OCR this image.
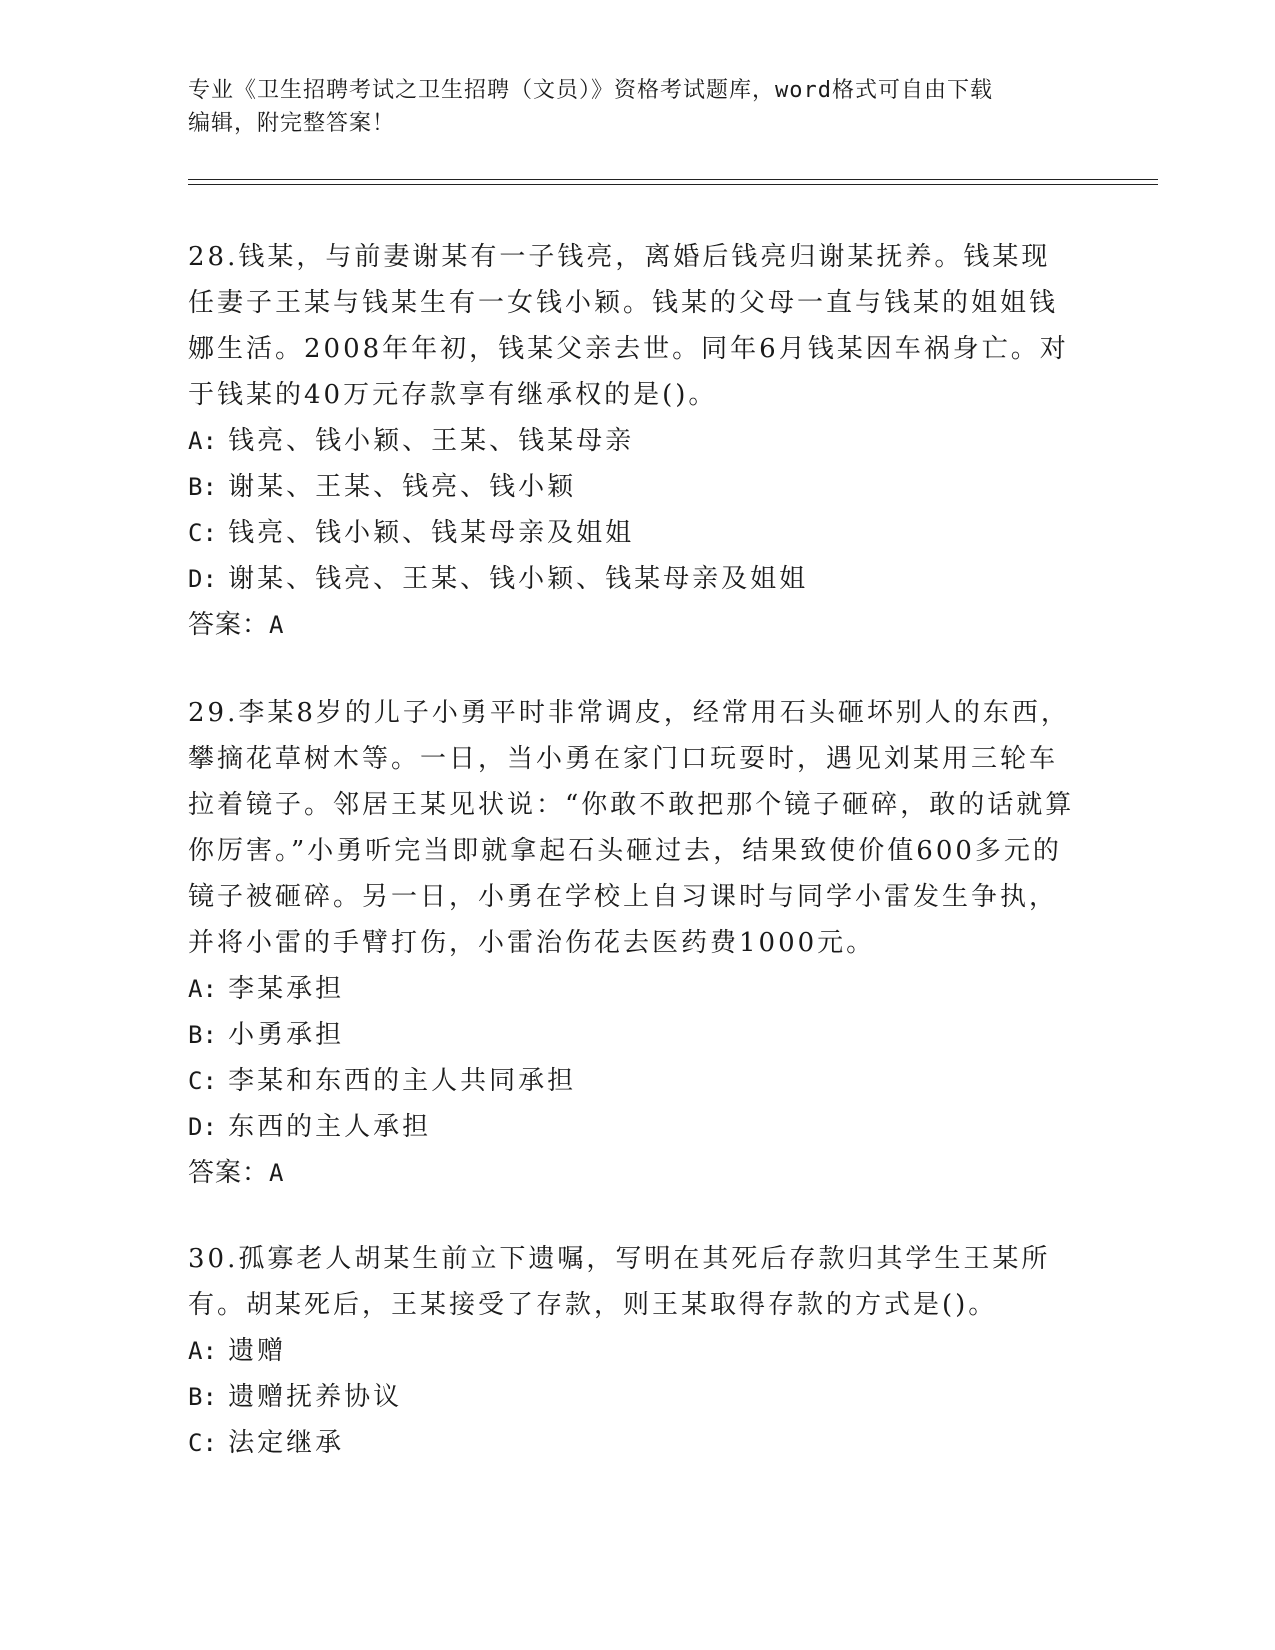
专业《卫生招聘考试之卫生招聘（文员）》资格考试题库，word格式可自由下载
编辑，附完整答案！

28.钱某，与前妻谢某有一子钱亮，离婚后钱亮归谢某抚养。钱某现任妻子王某与钱某生有一女钱小颖。钱某的父母一直与钱某的姐姐钱娜生活。2008年年初，钱某父亲去世。同年6月钱某因车祸身亡。对于钱某的40万元存款享有继承权的是()。

A: 钱亮、钱小颖、王某、钱某母亲

B: 谢某、王某、钱亮、钱小颖

C: 钱亮、钱小颖、钱某母亲及姐姐

D: 谢某、钱亮、王某、钱小颖、钱某母亲及姐姐

答案：A

29.李某8岁的儿子小勇平时非常调皮，经常用石头砸坏别人的东西，攀摘花草树木等。一日，当小勇在家门口玩耍时，遇见刘某用三轮车拉着镜子。邻居王某见状说：“你敢不敢把那个镜子砸碎，敢的话就算你厉害。”小勇听完当即就拿起石头砸过去，结果致使价值600多元的镜子被砸碎。另一日，小勇在学校上自习课时与同学小雷发生争执，并将小雷的手臂打伤，小雷治伤花去医药费1000元。

A: 李某承担

B: 小勇承担

C: 李某和东西的主人共同承担

D: 东西的主人承担

答案：A

30.孤寡老人胡某生前立下遗嘱，写明在其死后存款归其学生王某所有。胡某死后，王某接受了存款，则王某取得存款的方式是()。

A: 遗赠

B: 遗赠抚养协议

C: 法定继承
